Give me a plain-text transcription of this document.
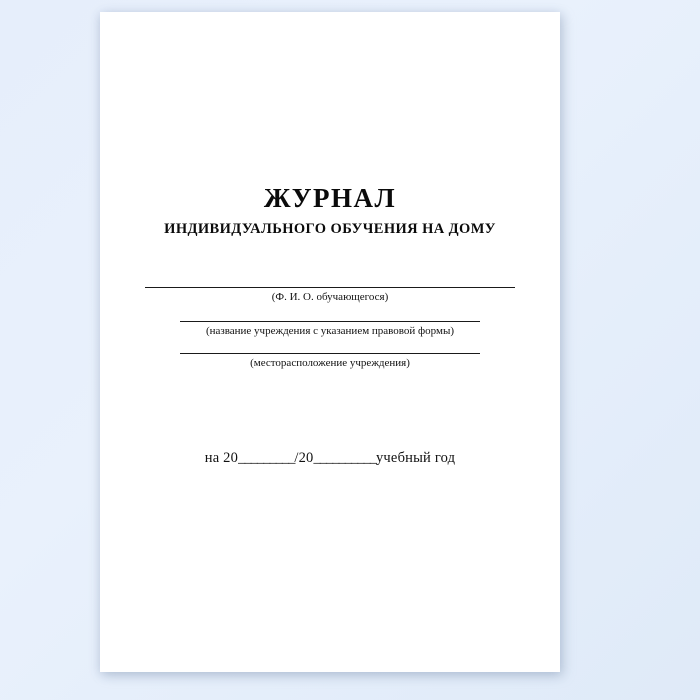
ЖУРНАЛ
ИНДИВИДУАЛЬНОГО ОБУЧЕНИЯ НА ДОМУ
(Ф. И. О. обучающегося)
(название учреждения с указанием правовой формы)
(месторасположение учреждения)
на 20_________/20__________учебный год
